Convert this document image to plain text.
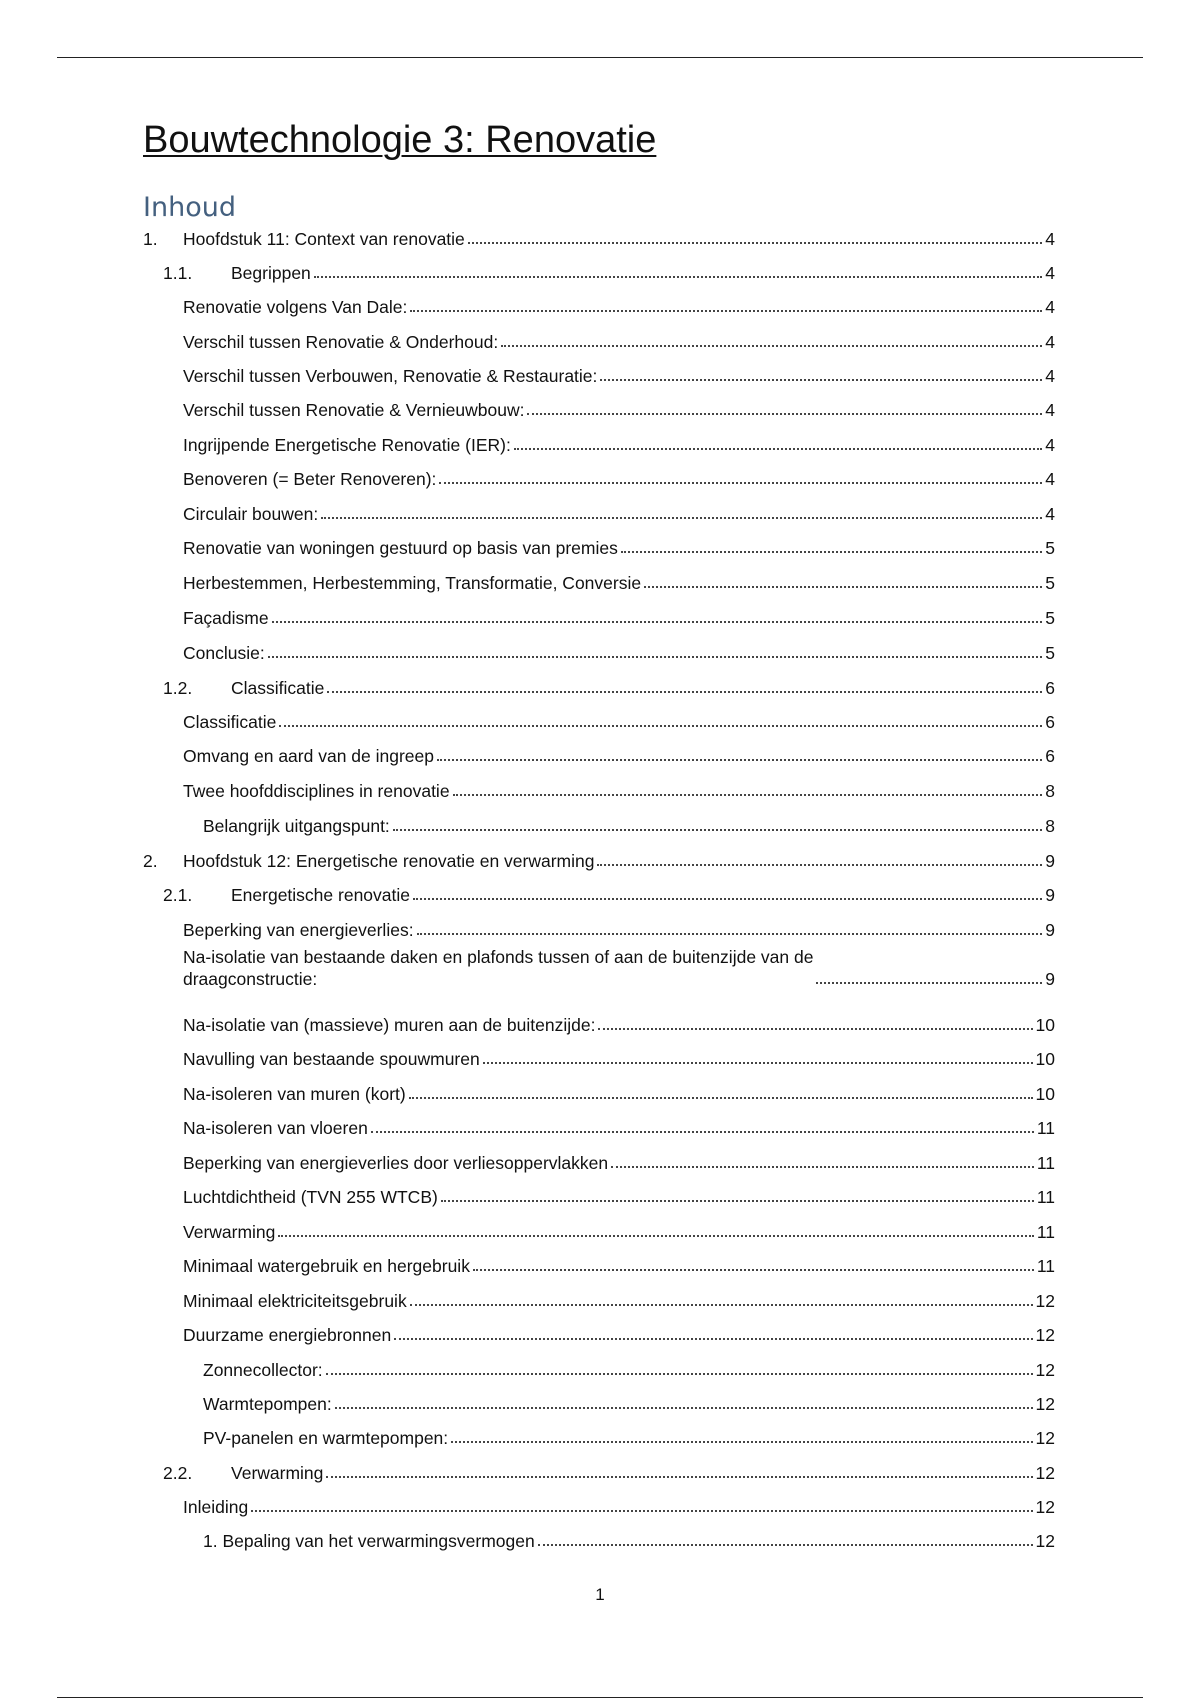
Bouwtechnologie 3: Renovatie
Inhoud
1.	Hoofdstuk 11: Context van renovatie	4
1.1.	Begrippen	4
Renovatie volgens Van Dale:	4
Verschil tussen Renovatie & Onderhoud:	4
Verschil tussen Verbouwen, Renovatie & Restauratie:	4
Verschil tussen Renovatie & Vernieuwbouw:	4
Ingrijpende Energetische Renovatie (IER):	4
Benoveren (= Beter Renoveren):	4
Circulair bouwen:	4
Renovatie van woningen gestuurd op basis van premies	5
Herbestemmen, Herbestemming, Transformatie, Conversie	5
Façadisme	5
Conclusie:	5
1.2.	Classificatie	6
Classificatie	6
Omvang en aard van de ingreep	6
Twee hoofddisciplines in renovatie	8
Belangrijk uitgangspunt:	8
2.	Hoofdstuk 12: Energetische renovatie en verwarming	9
2.1.	Energetische renovatie	9
Beperking van energieverlies:	9
Na-isolatie van bestaande daken en plafonds tussen of aan de buitenzijde van de
draagconstructie:	9
Na-isolatie van (massieve) muren aan de buitenzijde:	10
Navulling van bestaande spouwmuren	10
Na-isoleren van muren (kort)	10
Na-isoleren van vloeren	11
Beperking van energieverlies door verliesoppervlakken	11
Luchtdichtheid (TVN 255 WTCB)	11
Verwarming	11
Minimaal watergebruik en hergebruik	11
Minimaal elektriciteitsgebruik	12
Duurzame energiebronnen	12
Zonnecollector:	12
Warmtepompen:	12
PV-panelen en warmtepompen:	12
2.2.	Verwarming	12
Inleiding	12
1. Bepaling van het verwarmingsvermogen	12
1
